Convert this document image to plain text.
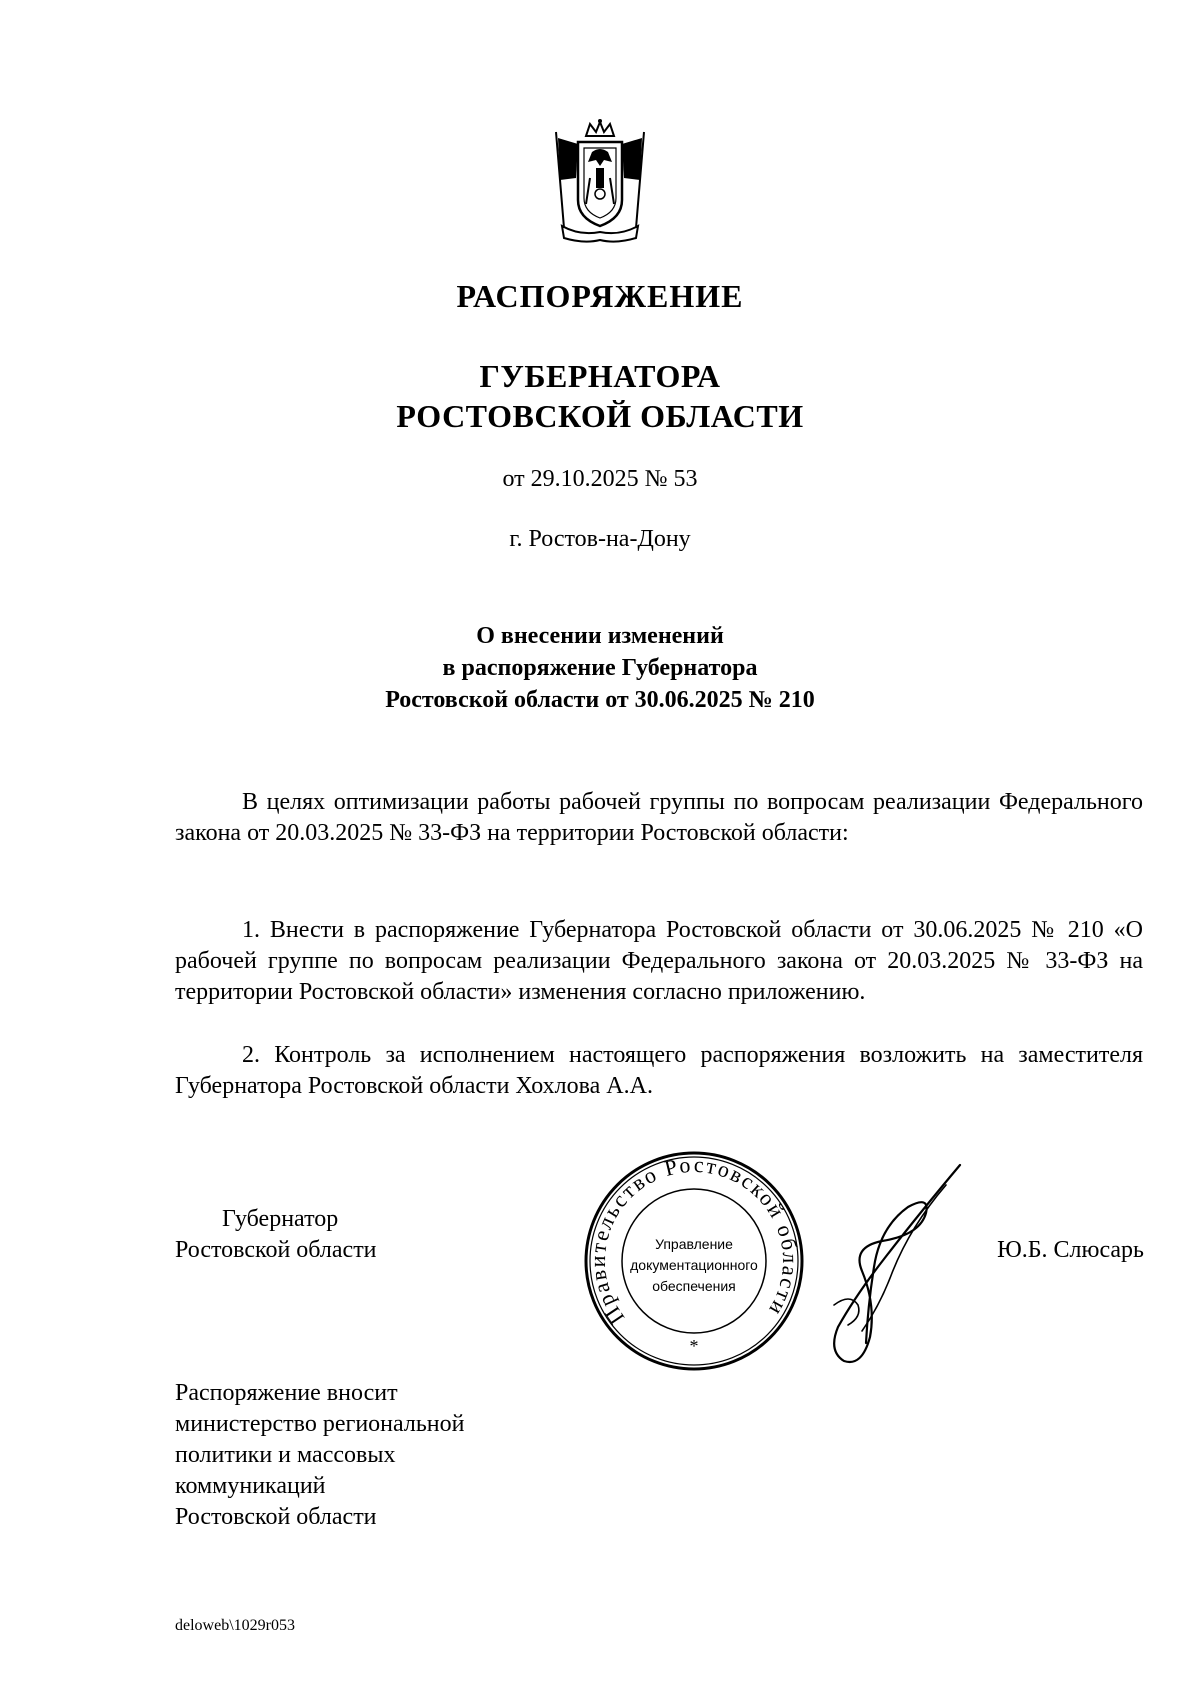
РАСПОРЯЖЕНИЕ
ГУБЕРНАТОРА
РОСТОВСКОЙ ОБЛАСТИ
от 29.10.2025 № 53
г. Ростов-на-Дону
О внесении изменений
в распоряжение Губернатора
Ростовской области от 30.06.2025 № 210

В целях оптимизации работы рабочей группы по вопросам реализации Федерального закона от 20.03.2025 № 33-ФЗ на территории Ростовской области:

1. Внести в распоряжение Губернатора Ростовской области от 30.06.2025 № 210 «О рабочей группе по вопросам реализации Федерального закона от 20.03.2025 № 33-ФЗ на территории Ростовской области» изменения согласно приложению.

2. Контроль за исполнением настоящего распоряжения возложить на заместителя Губернатора Ростовской области Хохлова А.А.

Губернатор
Ростовской области	Ю.Б. Слюсарь
Правительство Ростовской области
Управление
документационного
обеспечения
*
Распоряжение вносит
министерство региональной
политики и массовых
коммуникаций
Ростовской области
deloweb\1029r053
